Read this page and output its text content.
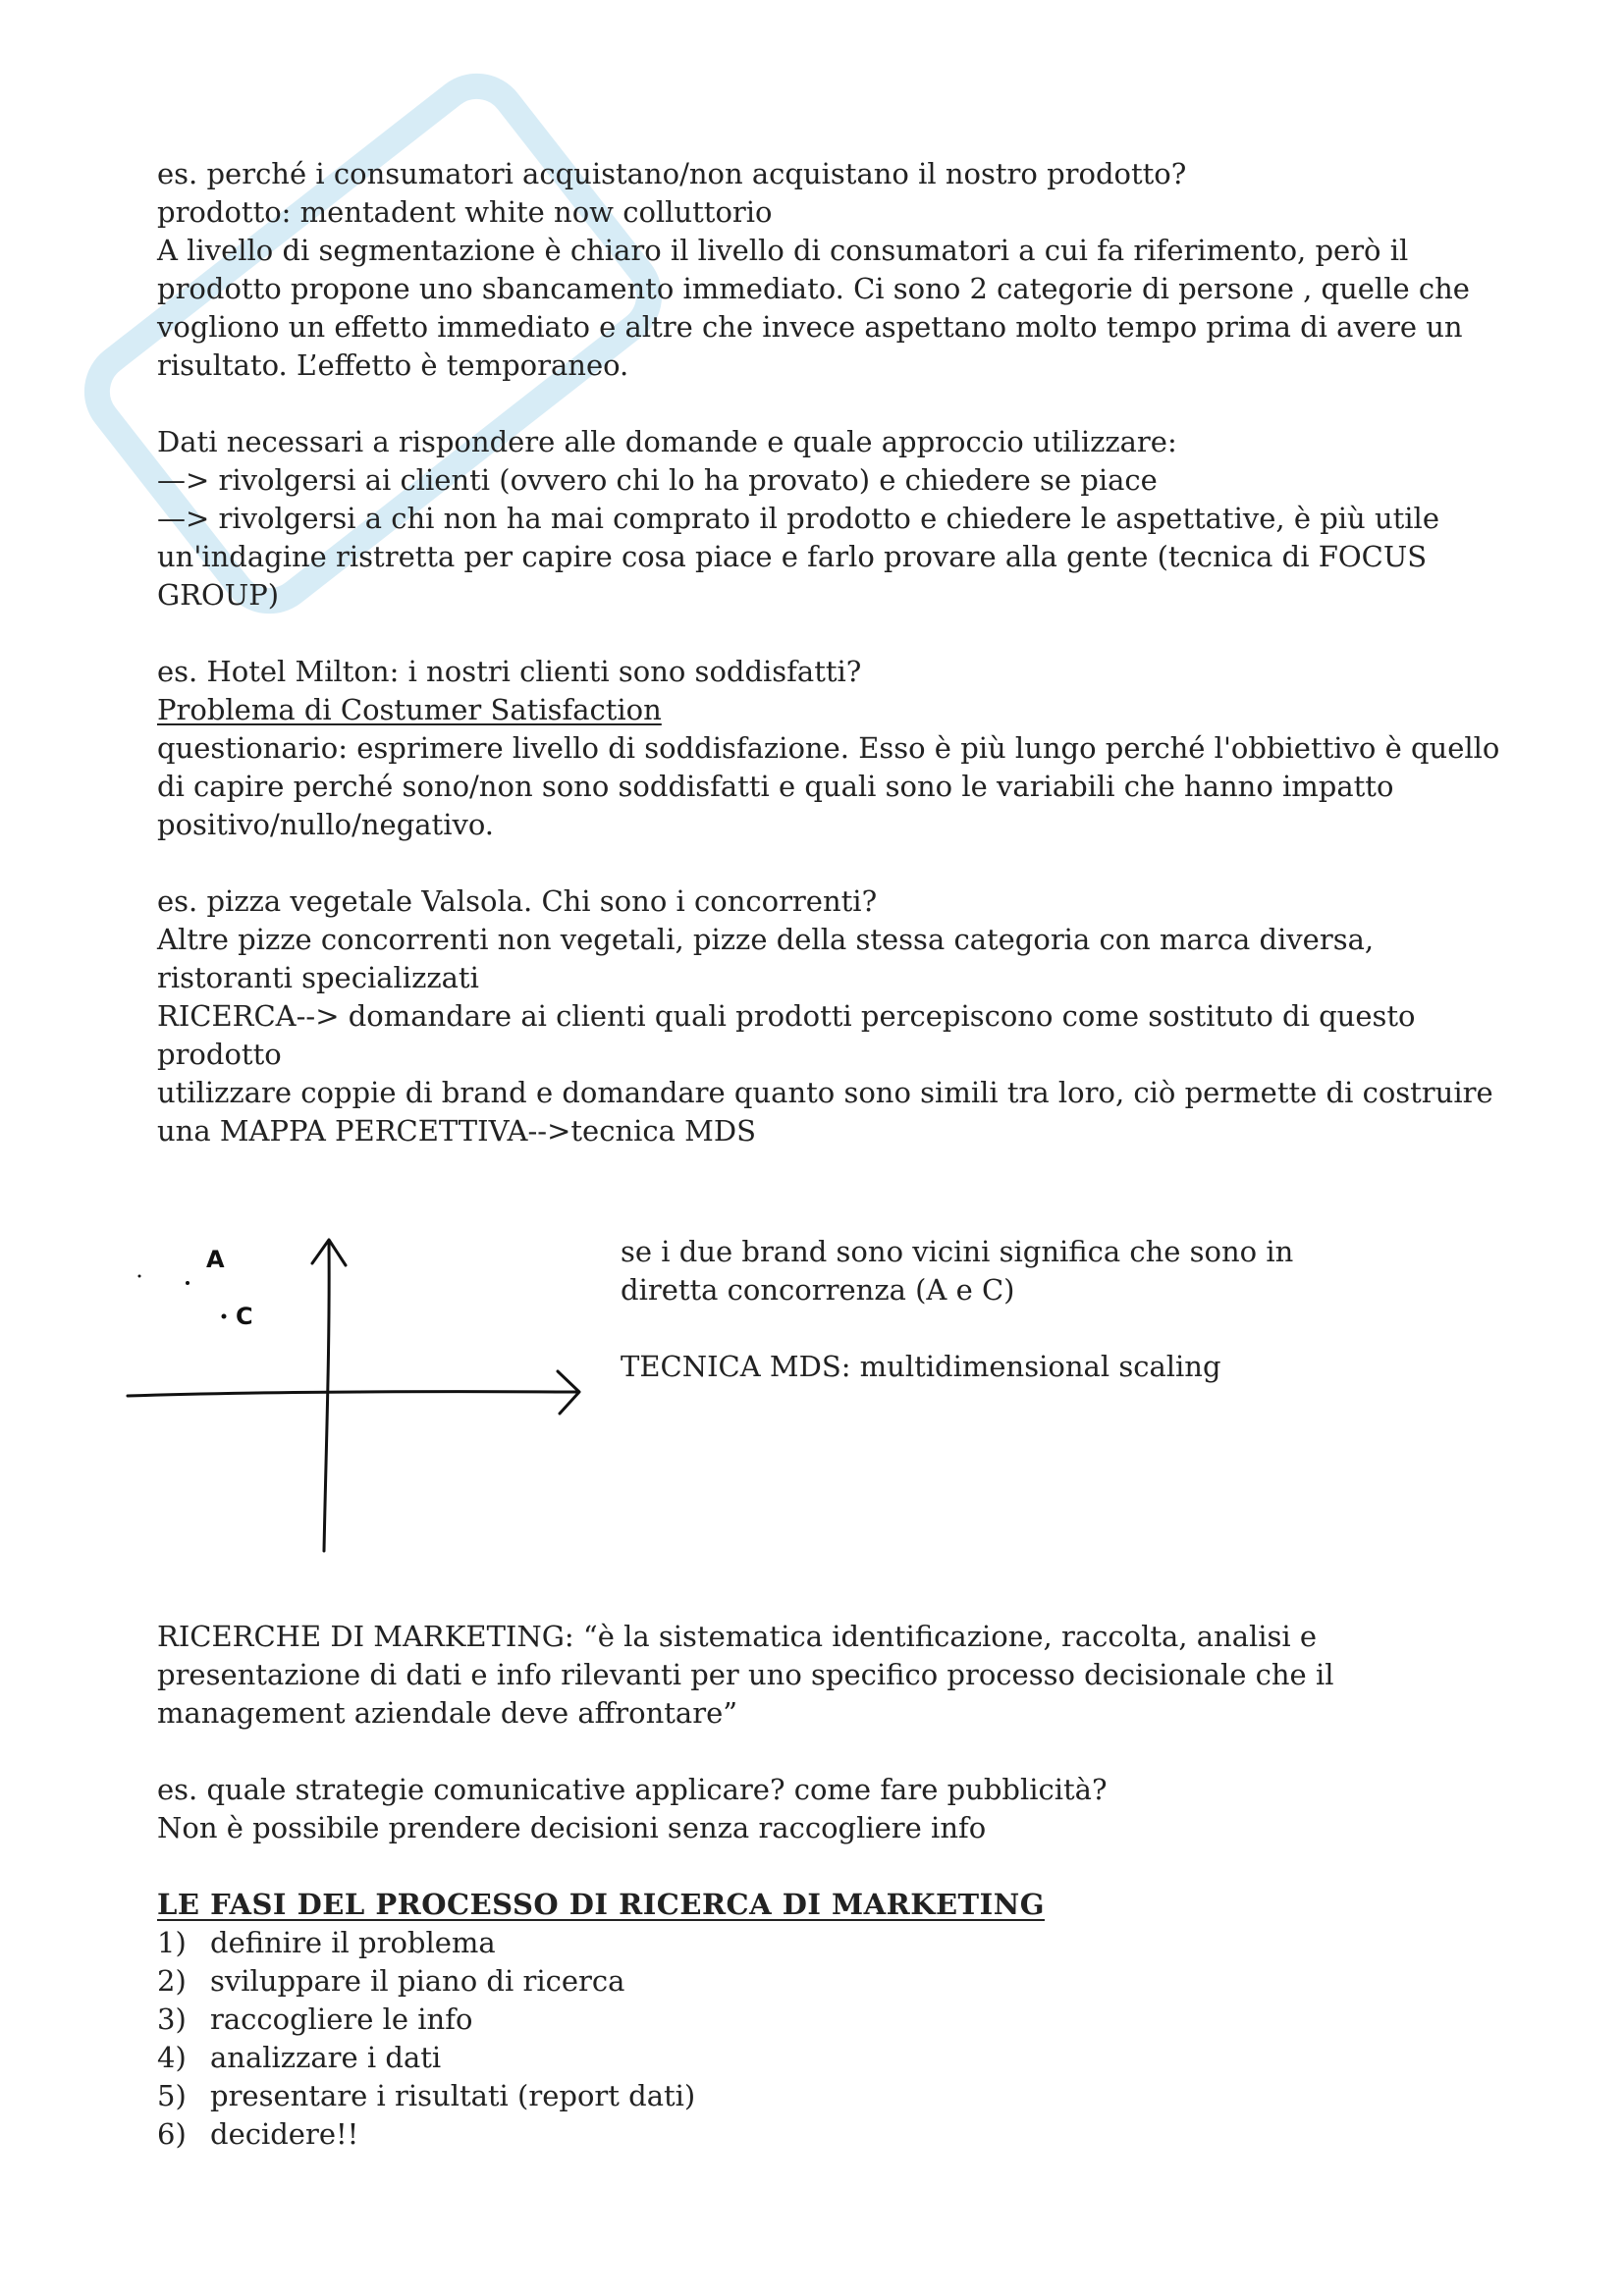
es. perché i consumatori acquistano/non acquistano il nostro prodotto?

prodotto: mentadent white now colluttorio

A livello di segmentazione è chiaro il livello di consumatori a cui fa riferimento, però il prodotto propone uno sbancamento immediato. Ci sono 2 categorie di persone , quelle che vogliono un effetto immediato e altre che invece aspettano molto tempo prima di avere un risultato. L’effetto è temporaneo.

Dati necessari a rispondere alle domande e quale approccio utilizzare:

—> rivolgersi ai clienti (ovvero chi lo ha provato) e chiedere se piace

—> rivolgersi a chi non ha mai comprato il prodotto e chiedere le aspettative, è più utile un'indagine ristretta per capire cosa piace e farlo provare alla gente (tecnica di FOCUS GROUP)

es. Hotel Milton: i nostri clienti sono soddisfatti?

Problema di Costumer Satisfaction

questionario: esprimere livello di soddisfazione. Esso è più lungo perché l'obbiettivo è quello di capire perché sono/non sono soddisfatti e quali sono le variabili che hanno impatto positivo/nullo/negativo.

es. pizza vegetale Valsola. Chi sono i concorrenti?

Altre pizze concorrenti non vegetali, pizze della stessa categoria con marca diversa, ristoranti specializzati

RICERCA--> domandare ai clienti quali prodotti percepiscono come sostituto di questo prodotto

utilizzare coppie di brand e domandare quanto sono simili tra loro, ciò permette di costruire una MAPPA PERCETTIVA-->tecnica MDS

A
C

se i due brand sono vicini significa che sono in diretta concorrenza (A e C)

TECNICA MDS: multidimensional scaling

RICERCHE DI MARKETING: “è la sistematica identificazione, raccolta, analisi e presentazione di dati e info rilevanti per uno specifico processo decisionale che il management aziendale deve affrontare”

es. quale strategie comunicative applicare? come fare pubblicità?

Non è possibile prendere decisioni senza raccogliere info

LE FASI DEL PROCESSO DI RICERCA DI MARKETING

1) definire il problema
2) sviluppare il piano di ricerca
3) raccogliere le info
4) analizzare i dati
5) presentare i risultati (report dati)
6) decidere!!
